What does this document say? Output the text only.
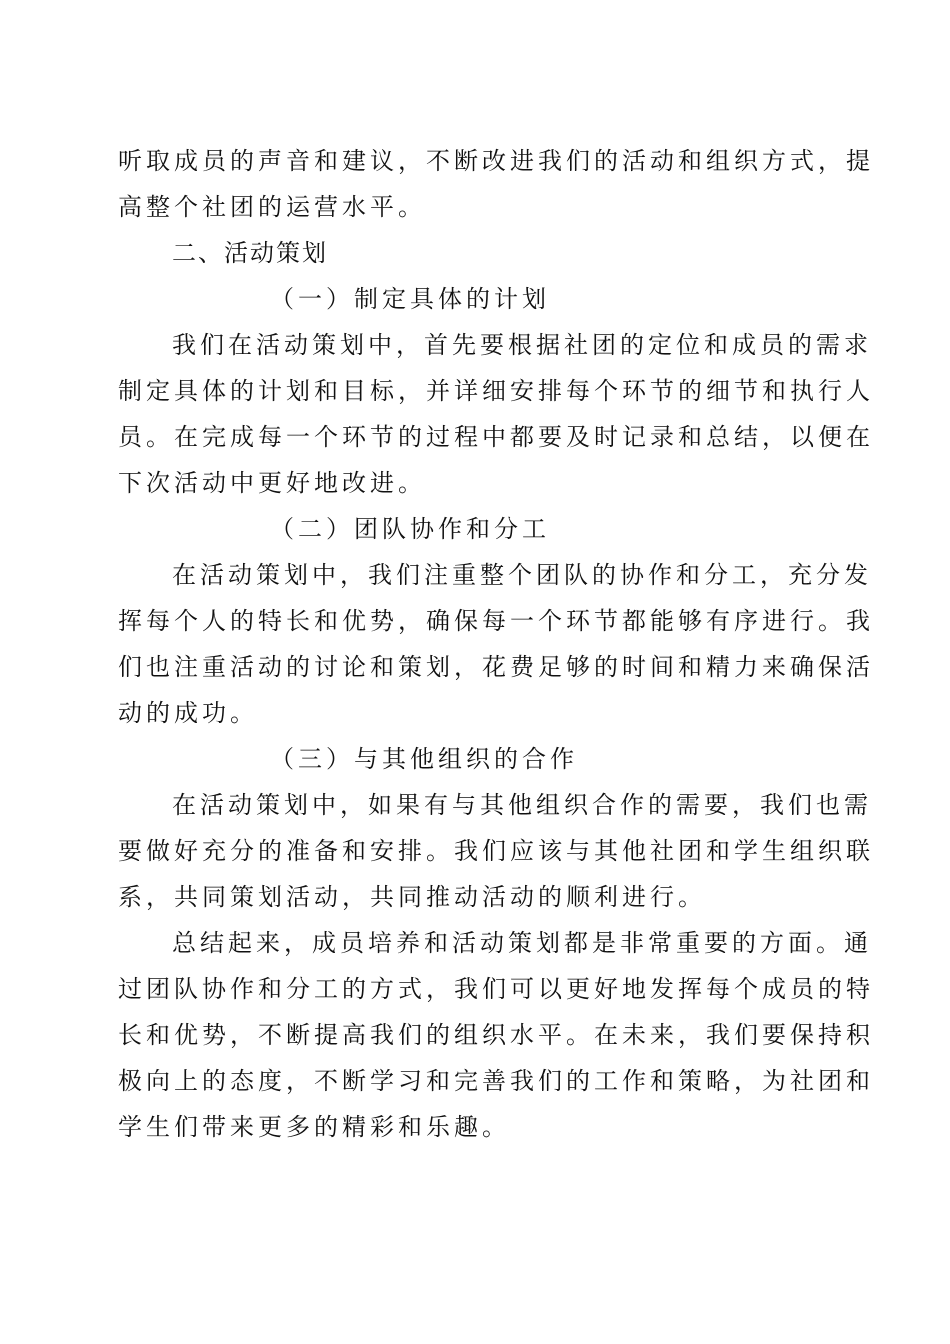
听取成员的声音和建议，不断改进我们的活动和组织方式，提
高整个社团的运营水平。
二、活动策划
（一）制定具体的计划
我们在活动策划中，首先要根据社团的定位和成员的需求
制定具体的计划和目标，并详细安排每个环节的细节和执行人
员。在完成每一个环节的过程中都要及时记录和总结，以便在
下次活动中更好地改进。
（二）团队协作和分工
在活动策划中，我们注重整个团队的协作和分工，充分发
挥每个人的特长和优势，确保每一个环节都能够有序进行。我
们也注重活动的讨论和策划，花费足够的时间和精力来确保活
动的成功。
（三）与其他组织的合作
在活动策划中，如果有与其他组织合作的需要，我们也需
要做好充分的准备和安排。我们应该与其他社团和学生组织联
系，共同策划活动，共同推动活动的顺利进行。
总结起来，成员培养和活动策划都是非常重要的方面。通
过团队协作和分工的方式，我们可以更好地发挥每个成员的特
长和优势，不断提高我们的组织水平。在未来，我们要保持积
极向上的态度，不断学习和完善我们的工作和策略，为社团和
学生们带来更多的精彩和乐趣。
